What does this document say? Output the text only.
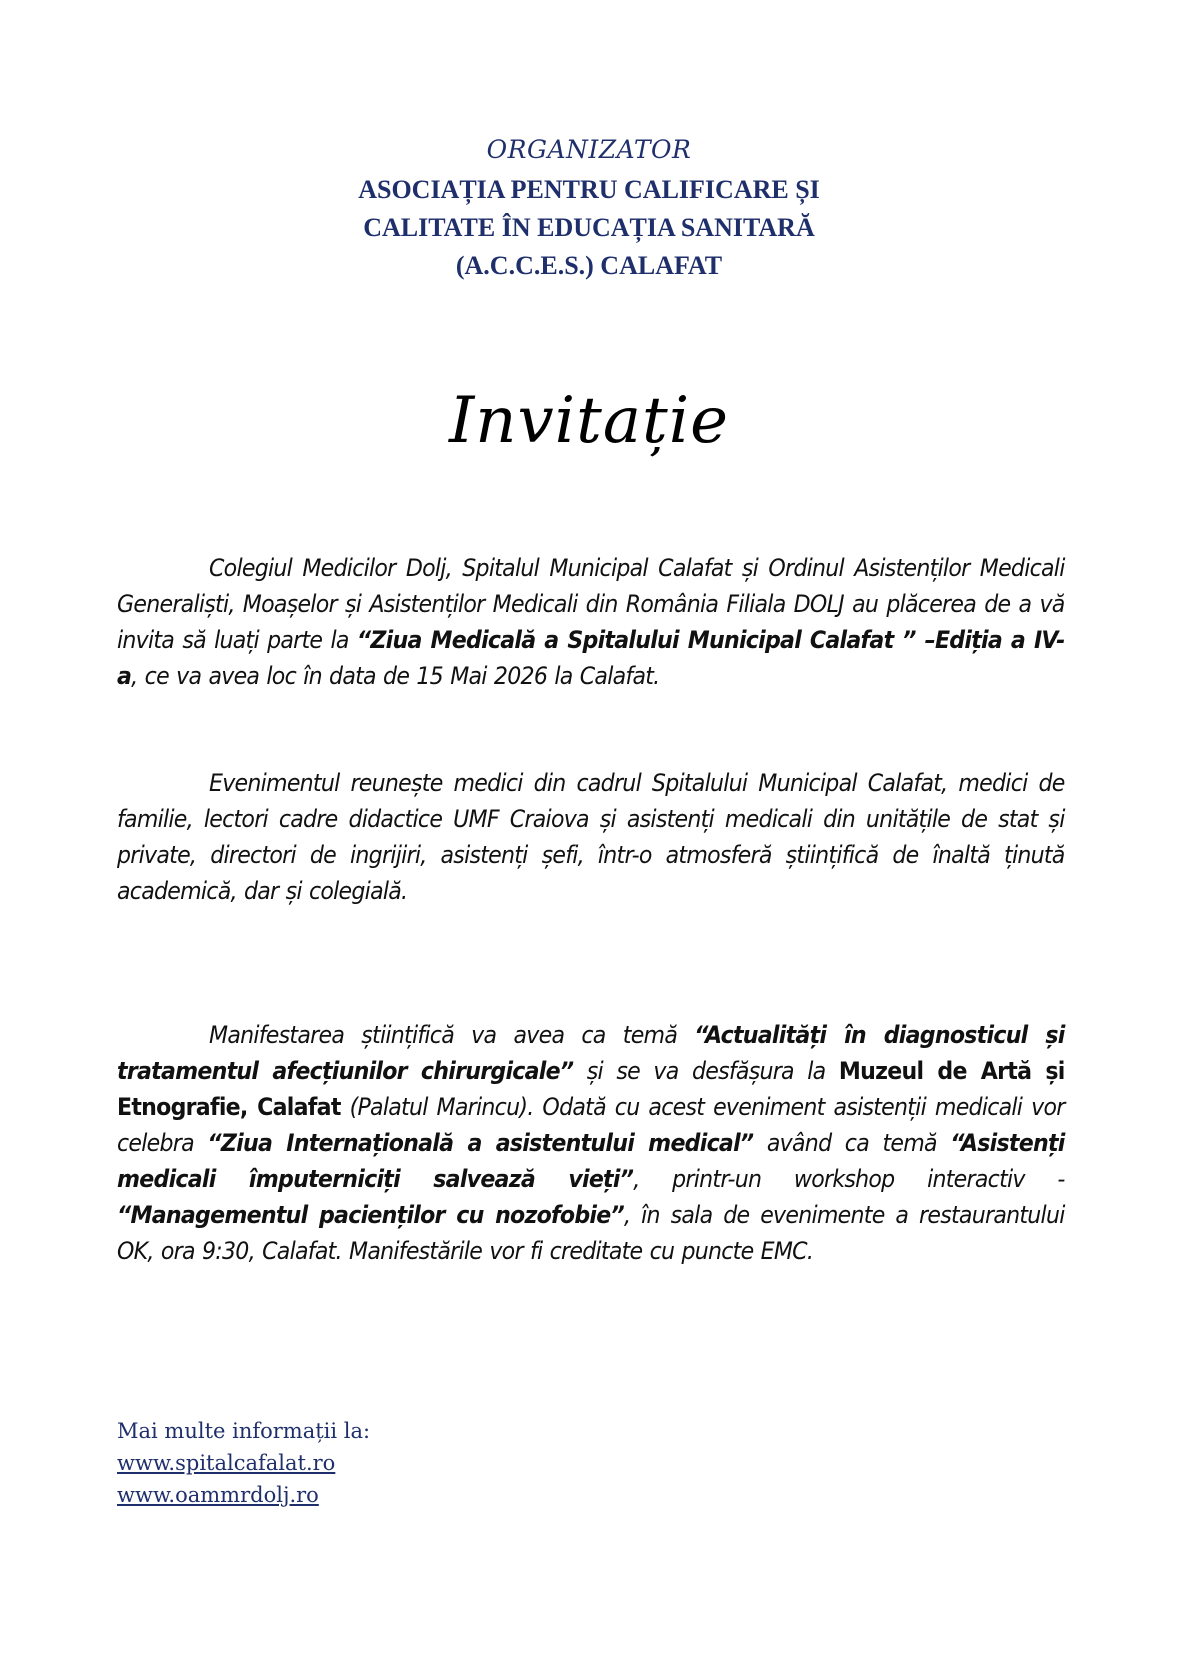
ORGANIZATOR
ASOCIAȚIA PENTRU CALIFICARE ȘI
CALITATE ÎN EDUCAȚIA SANITARĂ
(A.C.C.E.S.) CALAFAT
Invitație

Colegiul Medicilor Dolj, Spitalul Municipal Calafat și Ordinul Asistenților Medicali Generaliști, Moașelor și Asistenților Medicali din România Filiala DOLJ au plăcerea de a vă invita să luați parte la “Ziua Medicală a Spitalului Municipal Calafat ” –Ediția a IV-a, ce va avea loc în data de 15 Mai 2026 la Calafat.

Evenimentul reunește medici din cadrul Spitalului Municipal Calafat, medici de familie, lectori cadre didactice UMF Craiova și asistenți medicali din unitățile de stat și private, directori de ingrijiri, asistenți șefi, într-o atmosferă științifică de înaltă ținută academică, dar și colegială.

Manifestarea științifică va avea ca temă “Actualități în diagnosticul și tratamentul afecțiunilor chirurgicale” și se va desfășura la Muzeul de Artă și Etnografie, Calafat (Palatul Marincu). Odată cu acest eveniment asistenții medicali vor celebra “Ziua Internațională a asistentului medical” având ca temă “Asistenți medicali împuterniciți salvează vieți”, printr-un workshop interactiv - “Managementul pacienților cu nozofobie”, în sala de evenimente a restaurantului OK, ora 9:30, Calafat. Manifestările vor fi creditate cu puncte EMC.

Mai multe informații la:
www.spitalcafalat.ro
www.oammrdolj.ro
